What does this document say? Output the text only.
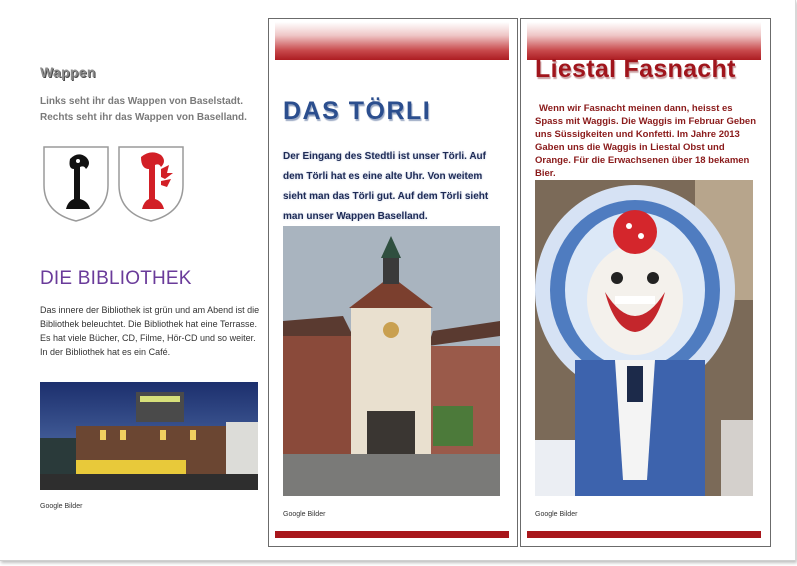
Wappen
Links seht ihr das Wappen von Baselstadt. Rechts seht ihr das Wappen von Baselland.
DIE BIBLIOTHEK
Das innere der Bibliothek ist grün und am Abend ist die Bibliothek beleuchtet. Die Bibliothek hat eine Terrasse. Es hat viele Bücher, CD, Filme, Hör-CD und so weiter. In der Bibliothek hat es ein Café.
Google Bilder
DAS TÖRLI
Der Eingang des Stedtli ist unser Törli. Auf dem Törli hat es eine alte Uhr. Von weitem sieht man das Törli gut. Auf dem Törli sieht man unser Wappen Baselland.
Google Bilder
Liestal Fasnacht
Wenn wir Fasnacht meinen dann, heisst es Spass mit Waggis. Die Waggis im Februar Geben uns Süssigkeiten und Konfetti. Im Jahre 2013 Gaben uns die Waggis in Liestal Obst und Orange. Für die Erwachsenen über 18 bekamen Bier.
Google Bilder
